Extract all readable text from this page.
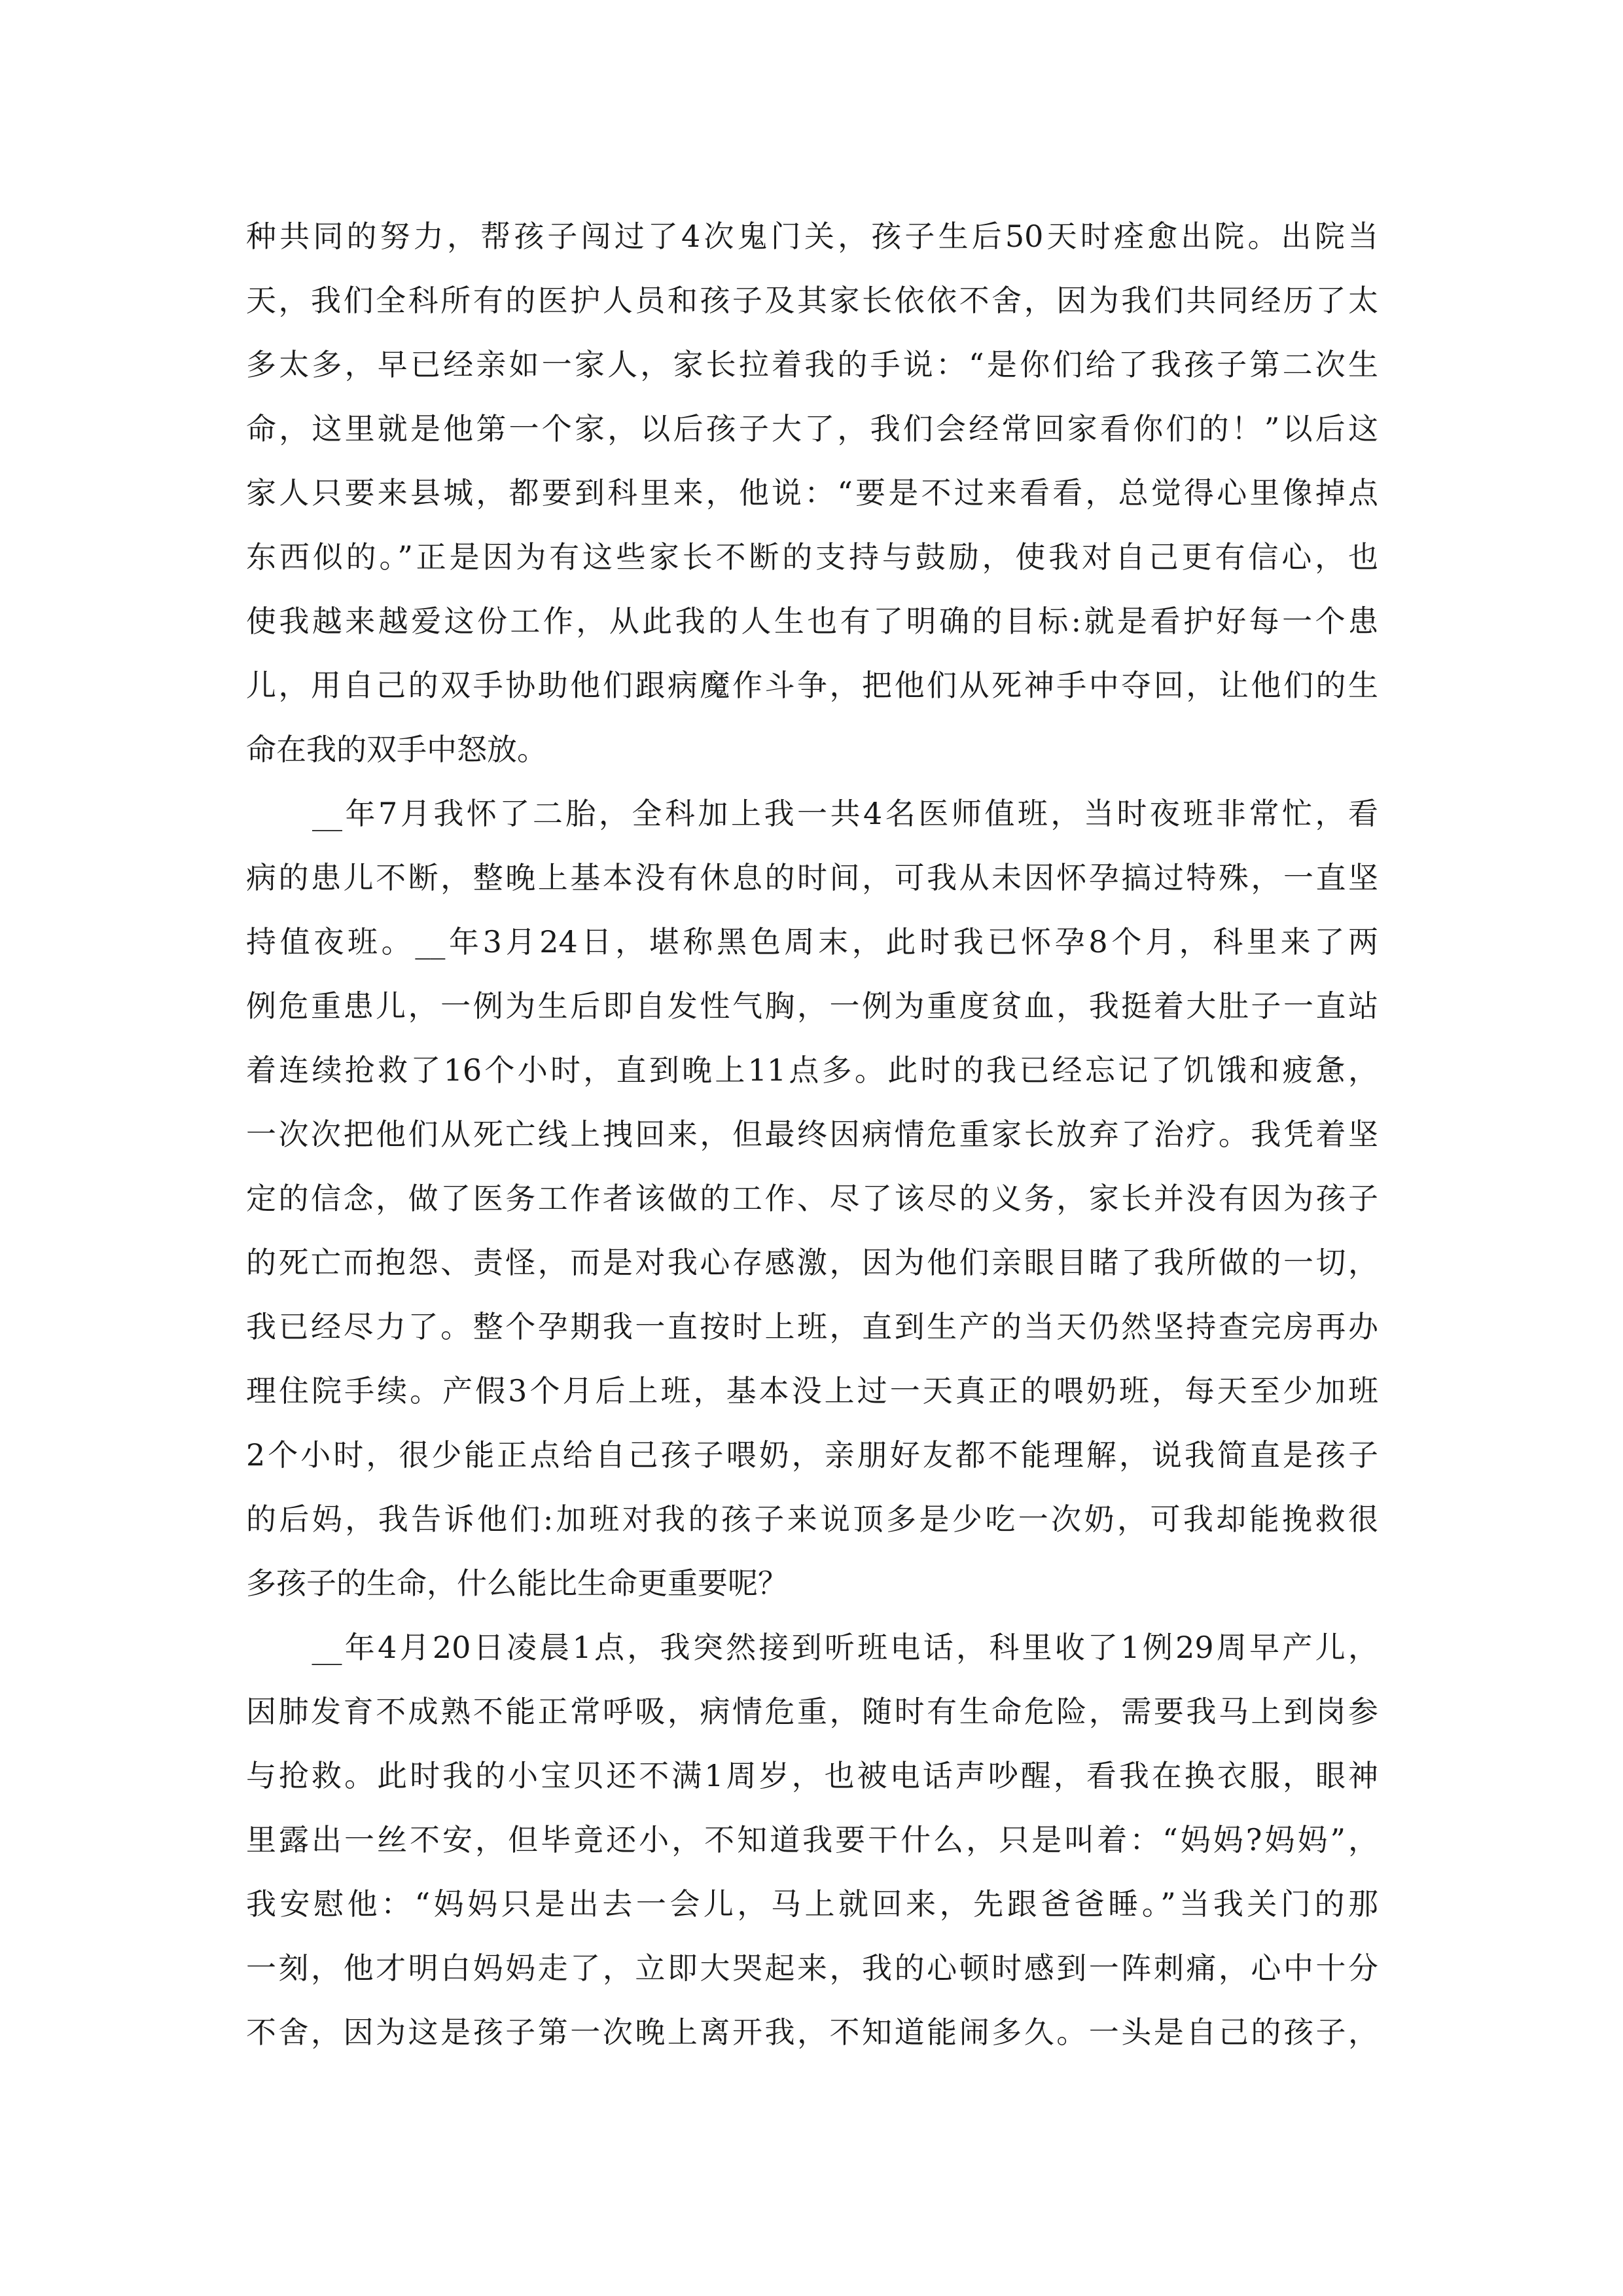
种共同的努力，帮孩子闯过了4次鬼门关，孩子生后50天时痊愈出院。出院当
天，我们全科所有的医护人员和孩子及其家长依依不舍，因为我们共同经历了太
多太多，早已经亲如一家人，家长拉着我的手说：“是你们给了我孩子第二次生
命，这里就是他第一个家，以后孩子大了，我们会经常回家看你们的！”以后这
家人只要来县城，都要到科里来，他说：“要是不过来看看，总觉得心里像掉点
东西似的。”正是因为有这些家长不断的支持与鼓励，使我对自己更有信心，也
使我越来越爱这份工作，从此我的人生也有了明确的目标:就是看护好每一个患
儿，用自己的双手协助他们跟病魔作斗争，把他们从死神手中夺回，让他们的生
命在我的双手中怒放。
　　__年7月我怀了二胎，全科加上我一共4名医师值班，当时夜班非常忙，看
病的患儿不断，整晚上基本没有休息的时间，可我从未因怀孕搞过特殊，一直坚
持值夜班。__年3月24日，堪称黑色周末，此时我已怀孕8个月，科里来了两
例危重患儿，一例为生后即自发性气胸，一例为重度贫血，我挺着大肚子一直站
着连续抢救了16个小时，直到晚上11点多。此时的我已经忘记了饥饿和疲惫，
一次次把他们从死亡线上拽回来，但最终因病情危重家长放弃了治疗。我凭着坚
定的信念，做了医务工作者该做的工作、尽了该尽的义务，家长并没有因为孩子
的死亡而抱怨、责怪，而是对我心存感激，因为他们亲眼目睹了我所做的一切，
我已经尽力了。整个孕期我一直按时上班，直到生产的当天仍然坚持查完房再办
理住院手续。产假3个月后上班，基本没上过一天真正的喂奶班，每天至少加班
2个小时，很少能正点给自己孩子喂奶，亲朋好友都不能理解，说我简直是孩子
的后妈，我告诉他们:加班对我的孩子来说顶多是少吃一次奶，可我却能挽救很
多孩子的生命，什么能比生命更重要呢？
　　__年4月20日凌晨1点，我突然接到听班电话，科里收了1例29周早产儿，
因肺发育不成熟不能正常呼吸，病情危重，随时有生命危险，需要我马上到岗参
与抢救。此时我的小宝贝还不满1周岁，也被电话声吵醒，看我在换衣服，眼神
里露出一丝不安，但毕竟还小，不知道我要干什么，只是叫着：“妈妈?妈妈”，
我安慰他：“妈妈只是出去一会儿，马上就回来，先跟爸爸睡。”当我关门的那
一刻，他才明白妈妈走了，立即大哭起来，我的心顿时感到一阵刺痛，心中十分
不舍，因为这是孩子第一次晚上离开我，不知道能闹多久。一头是自己的孩子，
